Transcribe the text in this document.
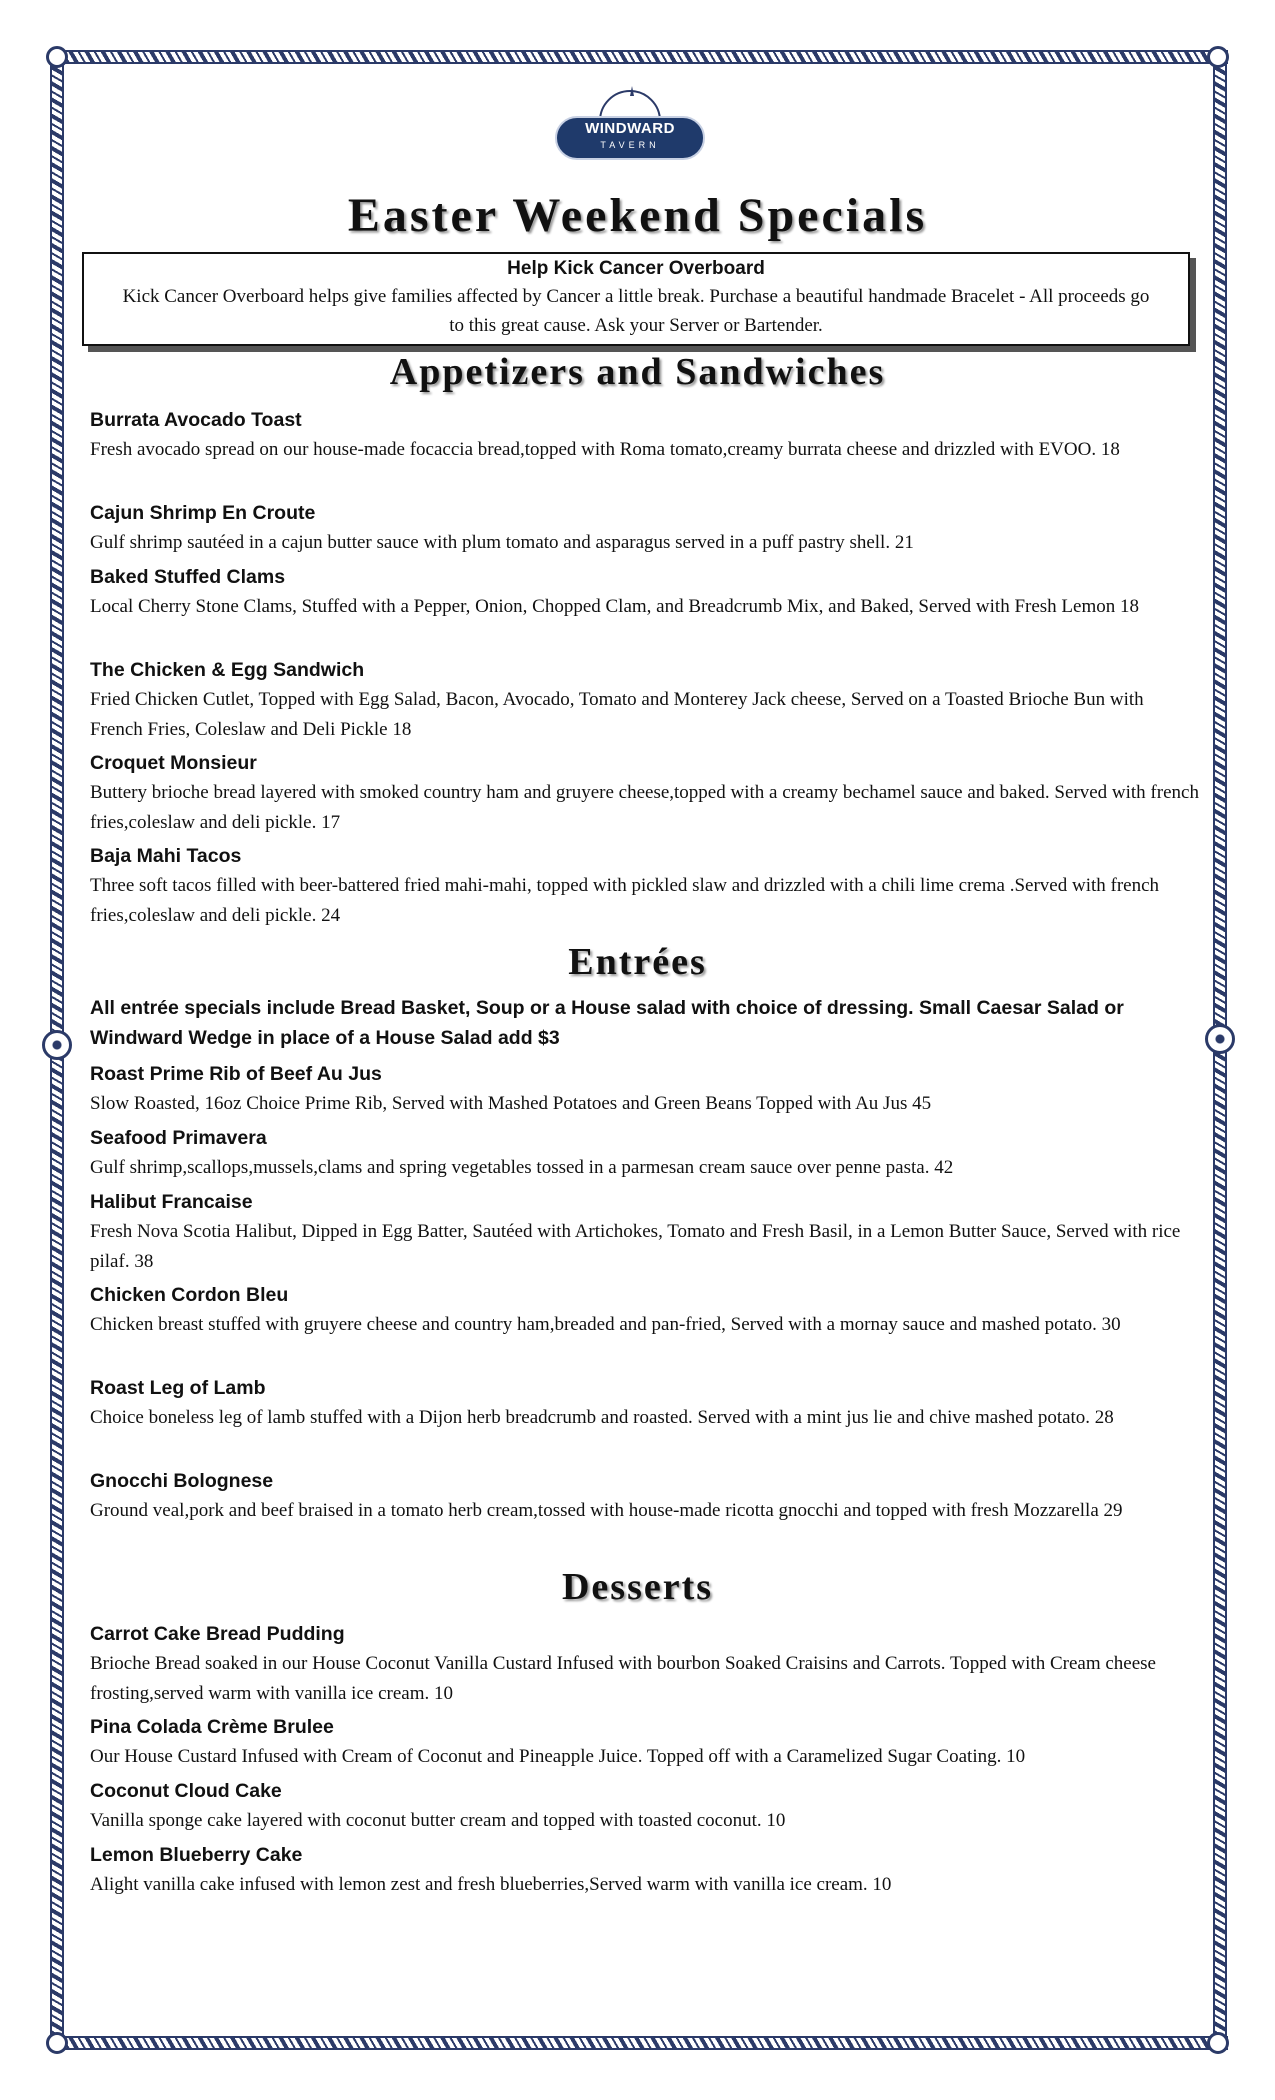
WINDWARD
TAVERN
Easter Weekend Specials
Help Kick Cancer Overboard
Kick Cancer Overboard helps give families affected by Cancer a little break. Purchase a beautiful handmade Bracelet - All proceeds go to this great cause. Ask your Server or Bartender.
Appetizers and Sandwiches
Burrata Avocado Toast
Fresh avocado spread on our house-made focaccia bread,topped with Roma tomato,creamy burrata cheese and drizzled with EVOO. 18
Cajun Shrimp En Croute
Gulf shrimp sautéed in a cajun butter sauce with plum tomato and asparagus served in a puff pastry shell. 21
Baked Stuffed Clams
Local Cherry Stone Clams, Stuffed with a Pepper, Onion, Chopped Clam, and Breadcrumb Mix, and Baked, Served with Fresh Lemon 18
The Chicken & Egg Sandwich
Fried Chicken Cutlet, Topped with Egg Salad, Bacon, Avocado, Tomato and Monterey Jack cheese, Served on a Toasted Brioche Bun with French Fries, Coleslaw and Deli Pickle 18
Croquet Monsieur
Buttery brioche bread layered with smoked country ham and gruyere cheese,topped with a creamy bechamel sauce and baked. Served with french fries,coleslaw and deli pickle. 17
Baja Mahi Tacos
Three soft tacos filled with beer-battered fried mahi-mahi, topped with pickled slaw and drizzled with a chili lime crema .Served with french fries,coleslaw and deli pickle. 24
Entrées
All entrée specials include Bread Basket, Soup or a House salad with choice of dressing. Small Caesar Salad or Windward Wedge in place of a House Salad add $3
Roast Prime Rib of Beef Au Jus
Slow Roasted, 16oz Choice Prime Rib, Served with Mashed Potatoes and Green Beans Topped with Au Jus 45
Seafood Primavera
Gulf shrimp,scallops,mussels,clams and spring vegetables tossed in a parmesan cream sauce over penne pasta. 42
Halibut Francaise
Fresh Nova Scotia Halibut, Dipped in Egg Batter, Sautéed with Artichokes, Tomato and Fresh Basil, in a Lemon Butter Sauce, Served with rice pilaf. 38
Chicken Cordon Bleu
Chicken breast stuffed with gruyere cheese and country ham,breaded and pan-fried, Served with a mornay sauce and mashed potato. 30
Roast Leg of Lamb
Choice boneless leg of lamb stuffed with a Dijon herb breadcrumb and roasted. Served with a mint jus lie and chive mashed potato. 28
Gnocchi Bolognese
Ground veal,pork and beef braised in a tomato herb cream,tossed with house-made ricotta gnocchi and topped with fresh Mozzarella 29
Desserts
Carrot Cake Bread Pudding
Brioche Bread soaked in our House Coconut Vanilla Custard Infused with bourbon Soaked Craisins and Carrots. Topped with Cream cheese frosting,served warm with vanilla ice cream. 10
Pina Colada Crème Brulee
Our House Custard Infused with Cream of Coconut and Pineapple Juice. Topped off with a Caramelized Sugar Coating. 10
Coconut Cloud Cake
Vanilla sponge cake layered with coconut butter cream and topped with toasted coconut. 10
Lemon Blueberry Cake
Alight vanilla cake infused with lemon zest and fresh blueberries,Served warm with vanilla ice cream. 10
